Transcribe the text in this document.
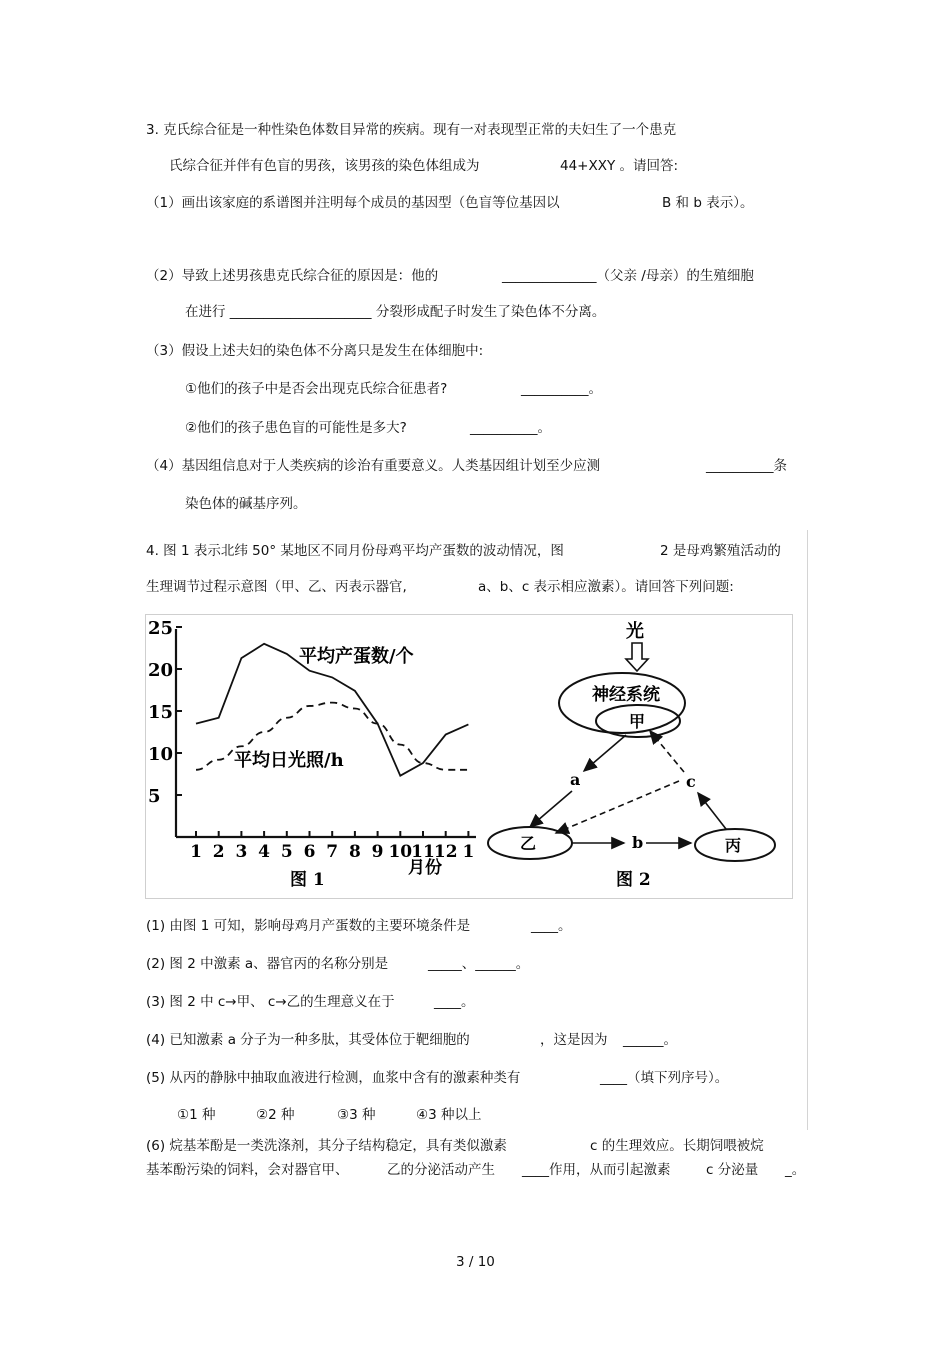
3. 克氏综合征是一种性染色体数目异常的疾病。现有一对表现型正常的夫妇生了一个患克
氏综合征并伴有色盲的男孩，该男孩的染色体组成为	44+XXY 。请回答:
（1）画出该家庭的系谱图并注明每个成员的基因型（色盲等位基因以	B 和 b 表示）。
（2）导致上述男孩患克氏综合征的原因是：他的	______________（父亲 /母亲）的生殖细胞
在进行 _____________________ 分裂形成配子时发生了染色体不分离。
（3）假设上述夫妇的染色体不分离只是发生在体细胞中:
①他们的孩子中是否会出现克氏综合征患者?	__________。
②他们的孩子患色盲的可能性是多大?	__________。
（4）基因组信息对于人类疾病的诊治有重要意义。人类基因组计划至少应测	__________条
染色体的碱基序列。
4. 图 1 表示北纬 50° 某地区不同月份母鸡平均产蛋数的波动情况，图	2 是母鸡繁殖活动的
生理调节过程示意图（甲、乙、丙表示器官,	a、b、c 表示相应激素）。请回答下列问题:
5
10
15
20
25
1 2 3 4 5 6 7 8 9 10 11 12 1
平均产蛋数/个
平均日光照/h
月份
图 1
光
神经系统
甲
乙	丙
a
b
c
图 2
(1) 由图 1 可知，影响母鸡月产蛋数的主要环境条件是	____。
(2) 图 2 中激素 a、器官丙的名称分别是	_____、______。
(3) 图 2 中 c→甲、 c→乙的生理意义在于	____。
(4) 已知激素 a 分子为一种多肽，其受体位于靶细胞的	，这是因为 ______。
(5) 从丙的静脉中抽取血液进行检测，血浆中含有的激素种类有	____（填下列序号）。
①1 种	②2 种	③3 种	④3 种以上
(6) 烷基苯酚是一类洗涤剂，其分子结构稳定，具有类似激素	c 的生理效应。长期饲喂被烷
基苯酚污染的饲料，会对器官甲、	乙的分泌活动产生 ____作用，从而引起激素	c 分泌量 _。
3 / 10
